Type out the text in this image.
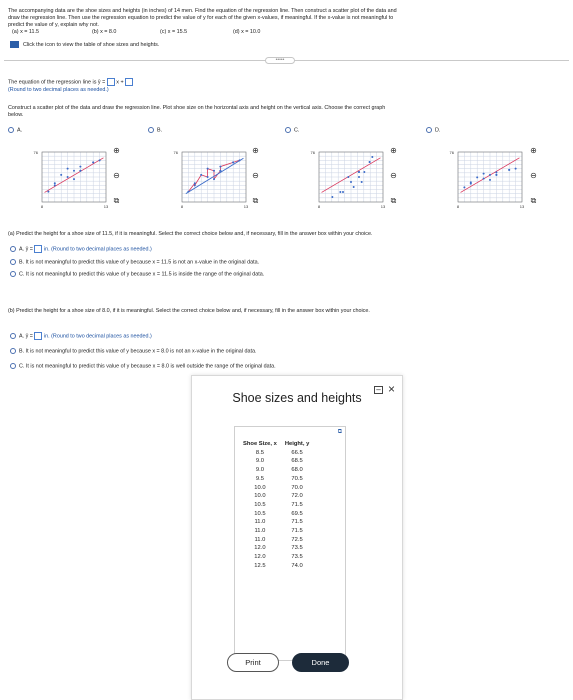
The accompanying data are the shoe sizes and heights (in inches) of 14 men. Find the equation of the regression line. Then construct a scatter plot of the data and
draw the regression line. Then use the regression equation to predict the value of y for each of the given x-values, if meaningful. If the x-value is not meaningful to
predict the value of y, explain why not.
(a) x = 11.5	(b) x = 8.0	(c) x = 15.5	(d) x = 10.0
Click the icon to view the table of shoe sizes and heights.
•••••
The equation of the regression line is ŷ = x +
(Round to two decimal places as needed.)
Construct a scatter plot of the data and draw the regression line. Plot shoe size on the horizontal axis and height on the vertical axis. Choose the correct graph
below.
A.	B.	C.	D.
76
8	13
76
8	13
76
8	13
76
8	13
⊕
⊖
⧉
⊕
⊖
⧉
⊕
⊖
⧉
⊕
⊖
⧉
(a) Predict the height for a shoe size of 11.5, if it is meaningful. Select the correct choice below and, if necessary, fill in the answer box within your choice.
A. ŷ = in. (Round to two decimal places as needed.)
B. It is not meaningful to predict this value of y because x = 11.5 is not an x-value in the original data.
C. It is not meaningful to predict this value of y because x = 11.5 is inside the range of the original data.
(b) Predict the height for a shoe size of 8.0, if it is meaningful. Select the correct choice below and, if necessary, fill in the answer box within your choice.
A. ŷ = in. (Round to two decimal places as needed.)
B. It is not meaningful to predict this value of y because x = 8.0 is not an x-value in the original data.
C. It is not meaningful to predict this value of y because x = 8.0 is well outside the range of the original data.
Shoe sizes and heights
⧉
Shoe Size, x	Height, y
8.5	66.5
9.0	68.5
9.0	68.0
9.5	70.5
10.0	70.0
10.0	72.0
10.5	71.5
10.5	69.5
11.0	71.5
11.0	71.5
11.0	72.5
12.0	73.5
12.0	73.5
12.5	74.0
Print	Done
– ×
